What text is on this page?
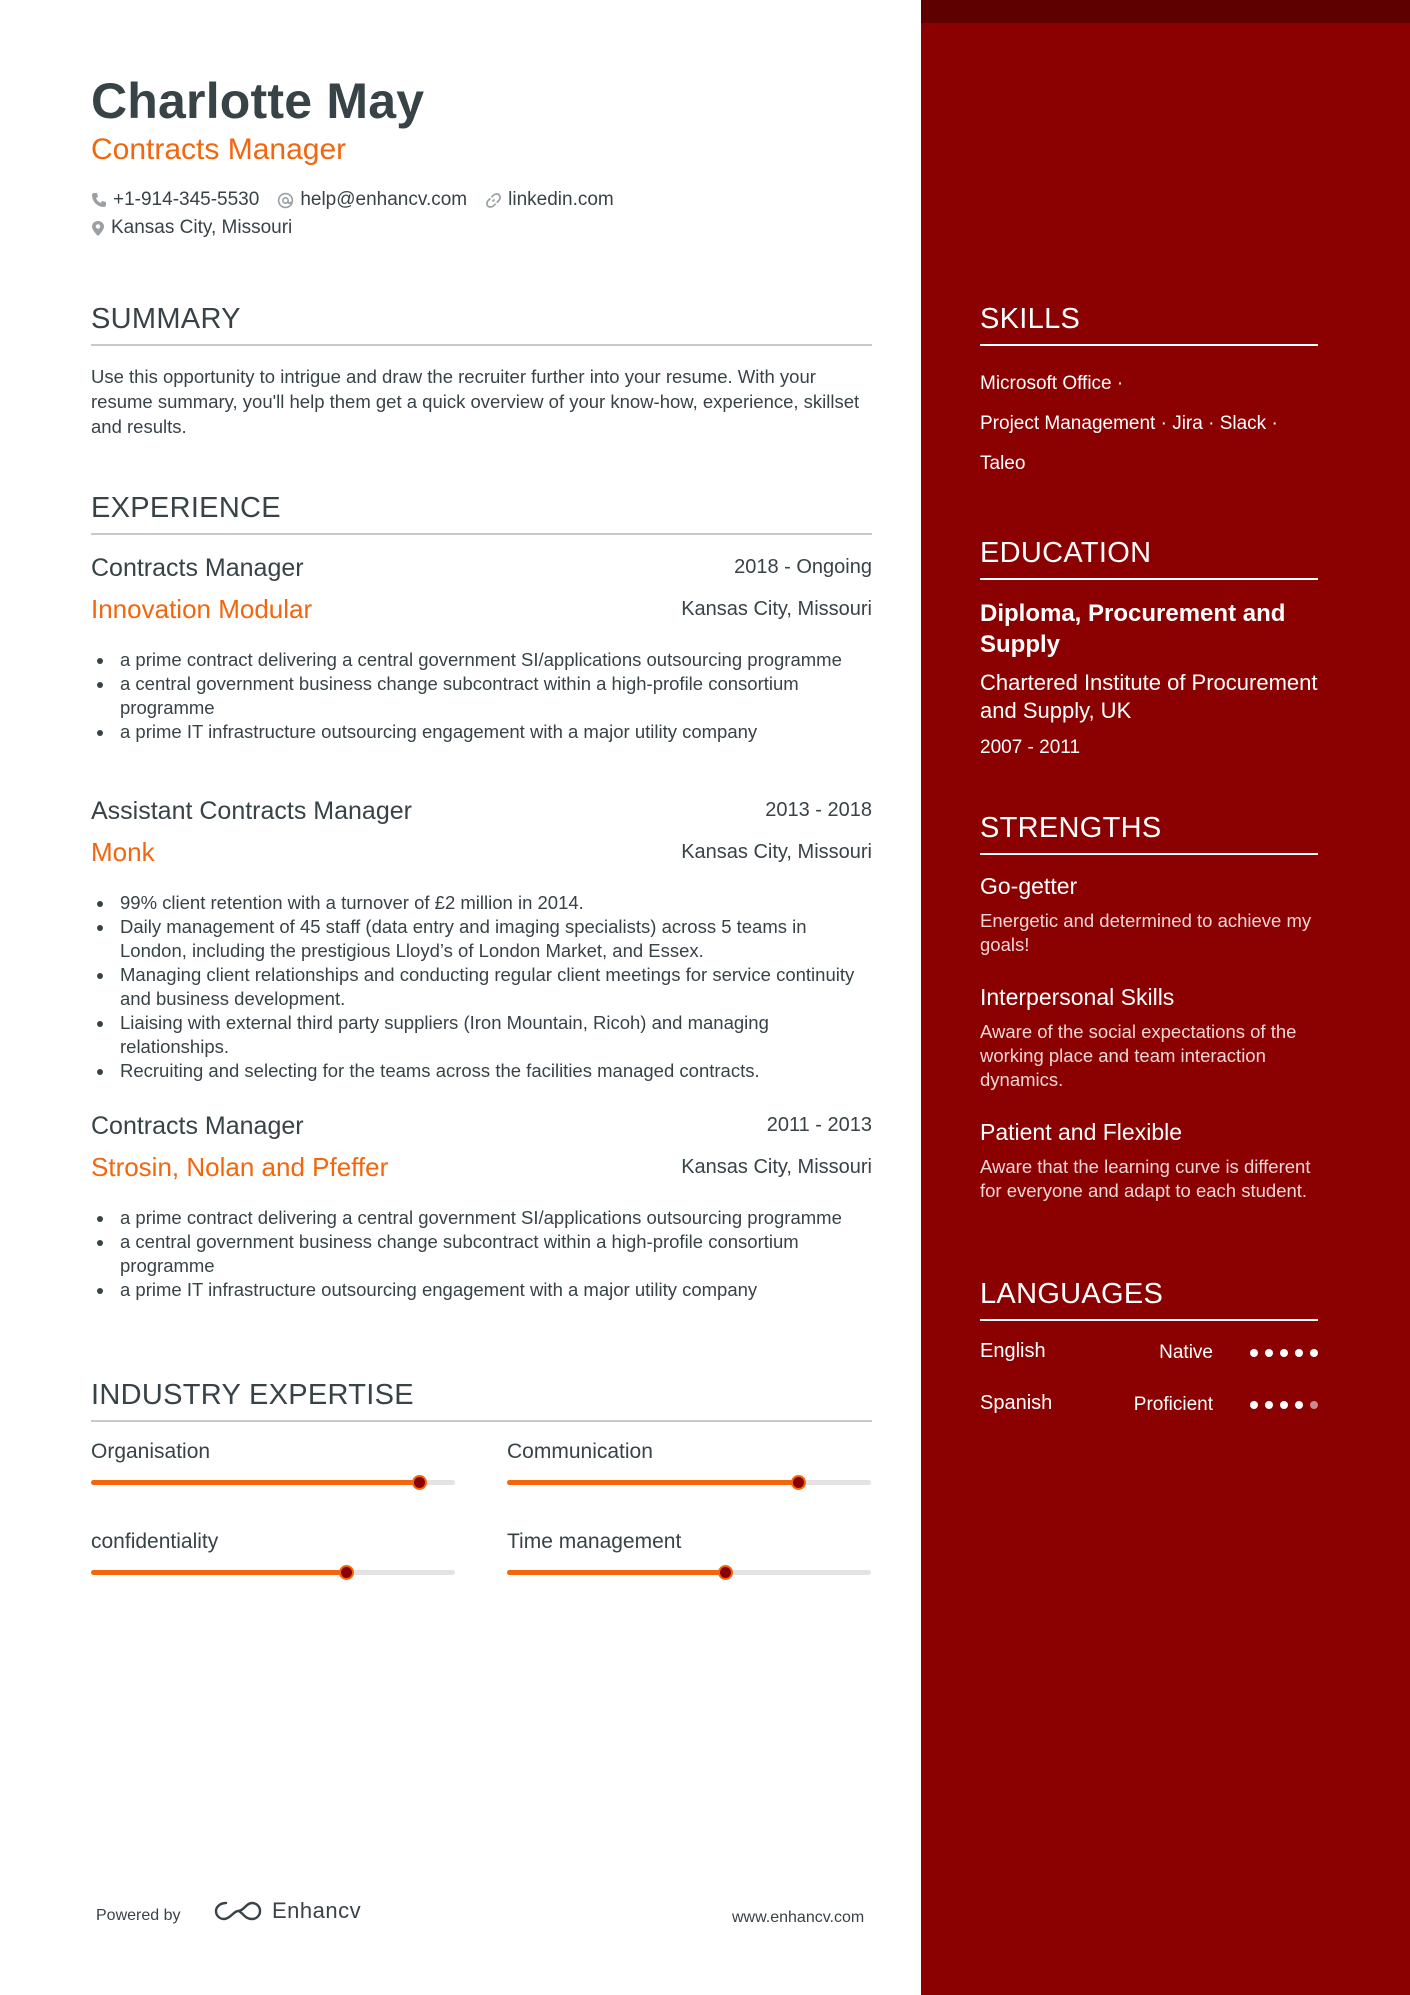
Charlotte May
Contracts Manager
+1-914-345-5530 help@enhancv.com linkedin.com
Kansas City, Missouri
SUMMARY
Use this opportunity to intrigue and draw the recruiter further into your resume. With your resume summary, you'll help them get a quick overview of your know-how, experience, skillset and results.
EXPERIENCE
Contracts Manager	2018 - Ongoing
Innovation Modular	Kansas City, Missouri
a prime contract delivering a central government SI/applications outsourcing programme
a central government business change subcontract within a high-profile consortium programme
a prime IT infrastructure outsourcing engagement with a major utility company
Assistant Contracts Manager	2013 - 2018
Monk	Kansas City, Missouri
99% client retention with a turnover of £2 million in 2014.
Daily management of 45 staff (data entry and imaging specialists) across 5 teams in London, including the prestigious Lloyd’s of London Market, and Essex.
Managing client relationships and conducting regular client meetings for service continuity and business development.
Liaising with external third party suppliers (Iron Mountain, Ricoh) and managing relationships.
Recruiting and selecting for the teams across the facilities managed contracts.
Contracts Manager	2011 - 2013
Strosin, Nolan and Pfeffer	Kansas City, Missouri
a prime contract delivering a central government SI/applications outsourcing programme
a central government business change subcontract within a high-profile consortium programme
a prime IT infrastructure outsourcing engagement with a major utility company
INDUSTRY EXPERTISE
Organisation	Communication
confidentiality	Time management
Powered by	Enhancv	www.enhancv.com
SKILLS
Microsoft Office ·
Project Management · Jira · Slack ·
Taleo
EDUCATION
Diploma, Procurement and Supply
Chartered Institute of Procurement and Supply, UK
2007 - 2011
STRENGTHS
Go-getter
Energetic and determined to achieve my goals!
Interpersonal Skills
Aware of the social expectations of the working place and team interaction dynamics.
Patient and Flexible
Aware that the learning curve is different for everyone and adapt to each student.
LANGUAGES
English	Native
Spanish	Proficient
